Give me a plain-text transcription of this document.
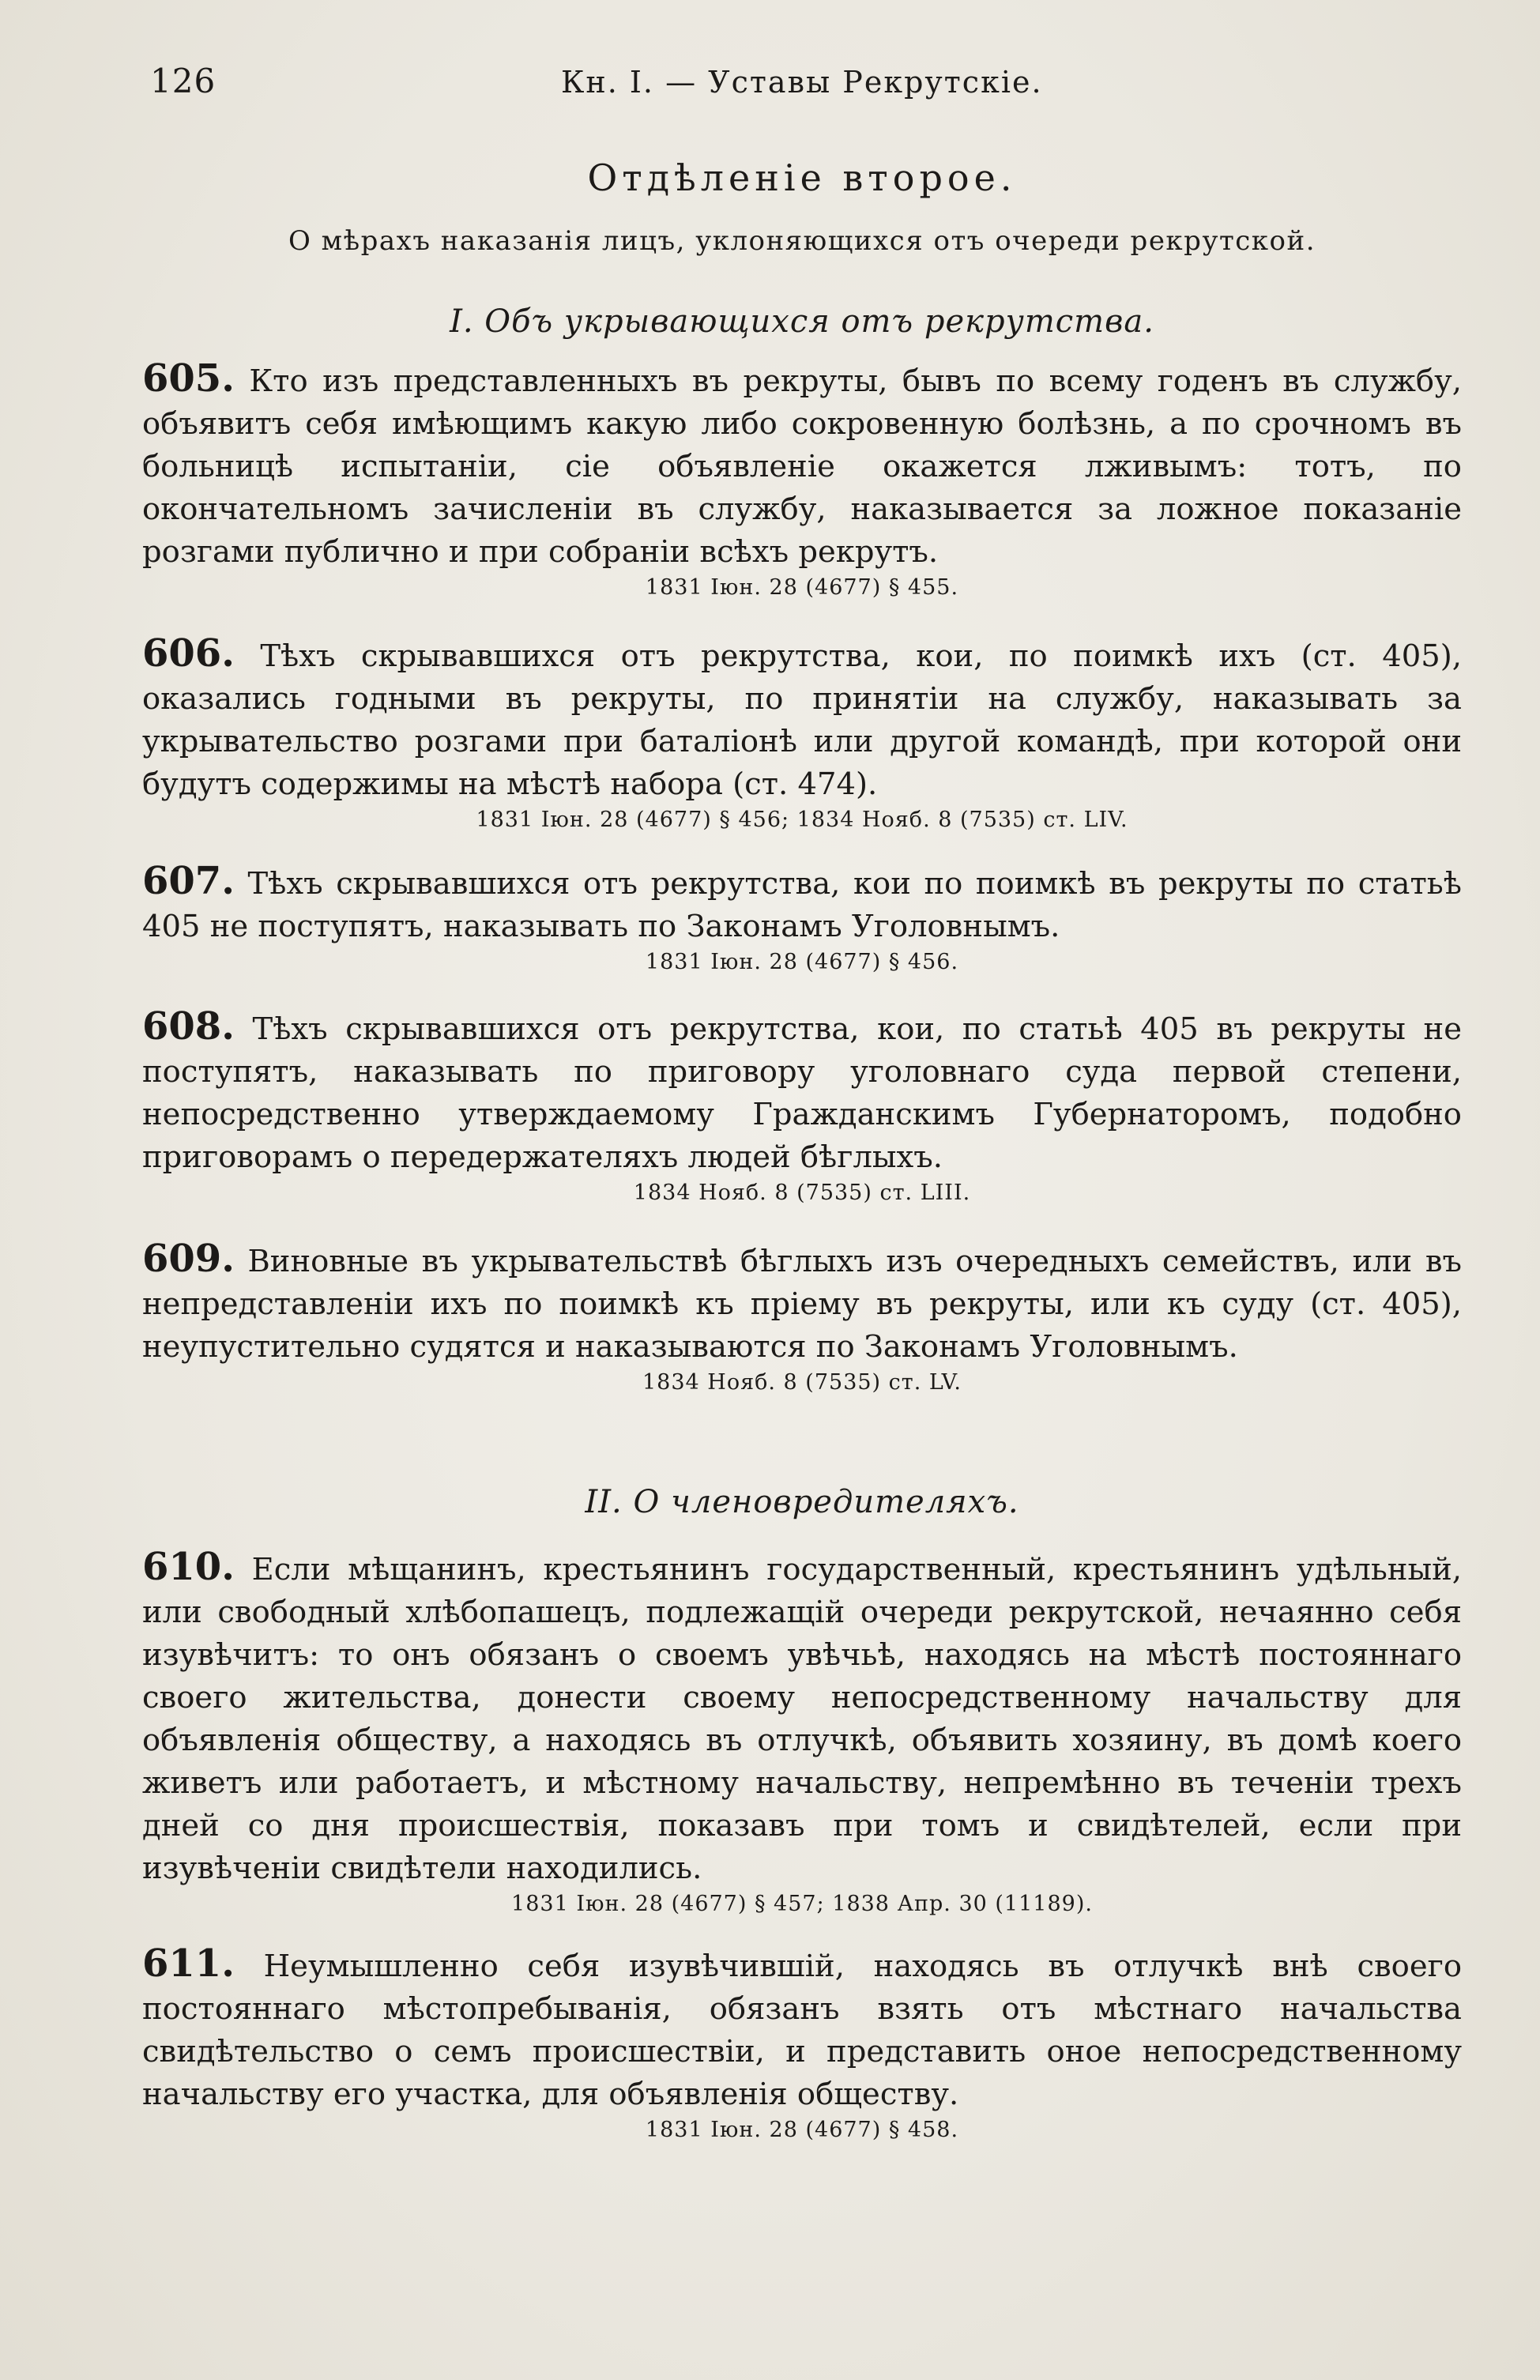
126	Кн. I. — Уставы Рекрутскіе.
Отдѣленіе второе.
О мѣрахъ наказанія лицъ, уклоняющихся отъ очереди рекрутской.
I. Объ укрывающихся отъ рекрутства.
605. Кто изъ представленныхъ въ рекруты, бывъ по всему годенъ въ службу, объявитъ себя имѣющимъ какую либо сокровенную болѣзнь, а по срочномъ въ больницѣ испытаніи, сіе объявленіе окажется лживымъ: тотъ, по окончательномъ зачисленіи въ службу, наказывается за ложное показаніе розгами публично и при собраніи всѣхъ рекрутъ.
1831 Іюн. 28 (4677) § 455.
606. Тѣхъ скрывавшихся отъ рекрутства, кои, по поимкѣ ихъ (ст. 405), оказались годными въ рекруты, по принятіи на службу, наказывать за укрывательство розгами при баталіонѣ или другой командѣ, при которой они будутъ содержимы на мѣстѣ набора (ст. 474).
1831 Іюн. 28 (4677) § 456; 1834 Нояб. 8 (7535) ст. LIV.
607. Тѣхъ скрывавшихся отъ рекрутства, кои по поимкѣ въ рекруты по статьѣ 405 не поступятъ, наказывать по Законамъ Уголовнымъ.
1831 Іюн. 28 (4677) § 456.
608. Тѣхъ скрывавшихся отъ рекрутства, кои, по статьѣ 405 въ рекруты не поступятъ, наказывать по приговору уголовнаго суда первой степени, непосредственно утверждаемому Гражданскимъ Губернаторомъ, подобно приговорамъ о передержателяхъ людей бѣглыхъ.
1834 Нояб. 8 (7535) ст. LIII.
609. Виновные въ укрывательствѣ бѣглыхъ изъ очередныхъ семействъ, или въ непредставленіи ихъ по поимкѣ къ пріему въ рекруты, или къ суду (ст. 405), неупустительно судятся и наказываются по Законамъ Уголовнымъ.
1834 Нояб. 8 (7535) ст. LV.
II. О членовредителяхъ.
610. Если мѣщанинъ, крестьянинъ государственный, крестьянинъ удѣльный, или свободный хлѣбопашецъ, подлежащій очереди рекрутской, нечаянно себя изувѣчитъ: то онъ обязанъ о своемъ увѣчьѣ, находясь на мѣстѣ постояннаго своего жительства, донести своему непосредственному начальству для объявленія обществу, а находясь въ отлучкѣ, объявить хозяину, въ домѣ коего живетъ или работаетъ, и мѣстному начальству, непремѣнно въ теченіи трехъ дней со дня происшествія, показавъ при томъ и свидѣтелей, если при изувѣченіи свидѣтели находились.
1831 Іюн. 28 (4677) § 457; 1838 Апр. 30 (11189).
611. Неумышленно себя изувѣчившій, находясь въ отлучкѣ внѣ своего постояннаго мѣстопребыванія, обязанъ взять отъ мѣстнаго начальства свидѣтельство о семъ происшествіи, и представить оное непосредственному начальству его участка, для объявленія обществу.
1831 Іюн. 28 (4677) § 458.
